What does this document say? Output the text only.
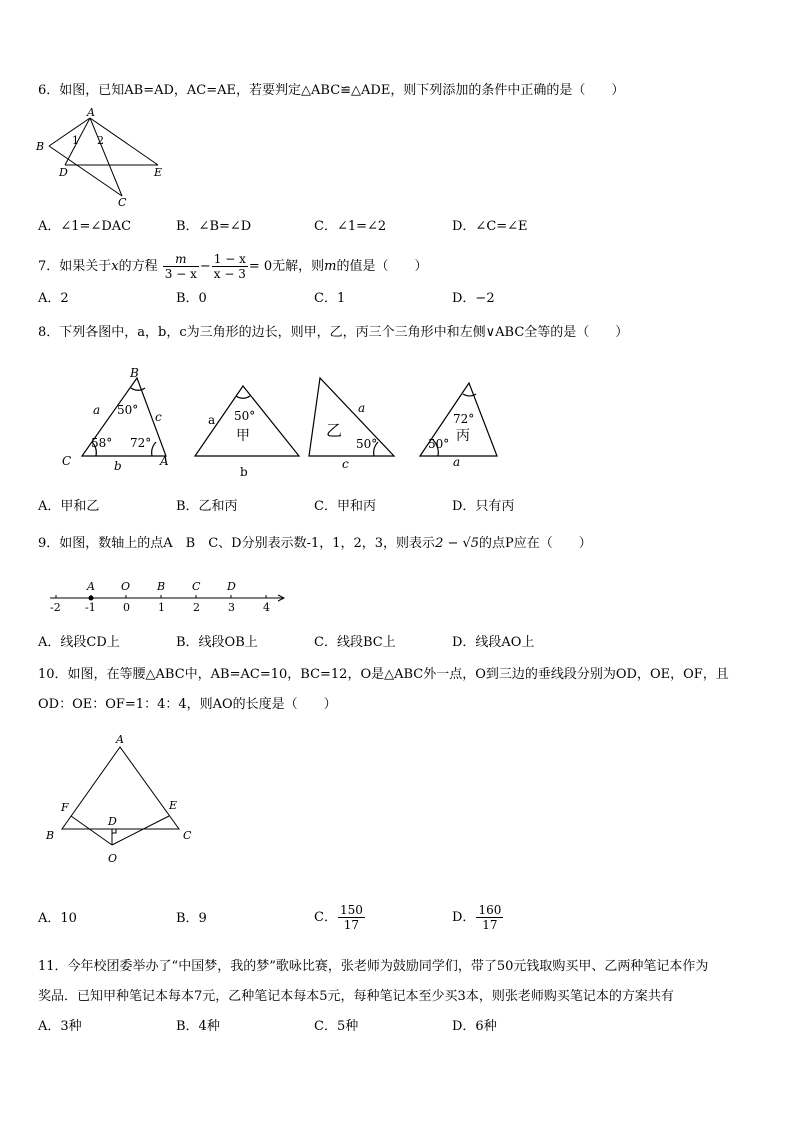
6．如图，已知AB=AD，AC=AE，若要判定△ABC≌△ADE，则下列添加的条件中正确的是（　　）
A
B
D	E
C
1 2
A．∠1=∠DAC	B．∠B=∠D	C．∠1=∠2	D．∠C=∠E
7．如果关于x的方程 $\frac{m}{3 - x} - \frac{1 - x}{x - 3} = 0$无解，则m的值是（　　）
A．2	B．0	C．1	D．−2
8．下列各图中，a，b，c为三角形的边长，则甲，乙，丙三个三角形中和左侧∨ABC全等的是（　　）
B
C	A
a	c
b
50°
58° 72°
a
b
50°
甲
a
c
50°
乙
72°
50°
a
丙
A．甲和乙	B．乙和丙	C．甲和丙	D．只有丙
9．如图，数轴上的点A　B　C、D分别表示数-1，1，2，3，则表示2 − √5的点P应在（　　）
-2 -1 0	1	2	3	4
A O B C D
A．线段CD上	B．线段OB上	C．线段BC上	D．线段AO上
10．如图，在等腰△ABC中，AB=AC=10，BC=12，O是△ABC外一点，O到三边的垂线段分别为OD，OE，OF，且
OD：OE：OF=1：4：4，则AO的长度是（　　）
A
F	E
B	C
D
O
A．10	B．9	C． $\frac{150}{17}$	D． $\frac{160}{17}$
11．今年校团委举办了“中国梦，我的梦”歌咏比赛，张老师为鼓励同学们，带了50元钱取购买甲、乙两种笔记本作为
奖品．已知甲种笔记本每本7元，乙种笔记本每本5元，每种笔记本至少买3本，则张老师购买笔记本的方案共有
A．3种	B．4种	C．5种	D．6种
